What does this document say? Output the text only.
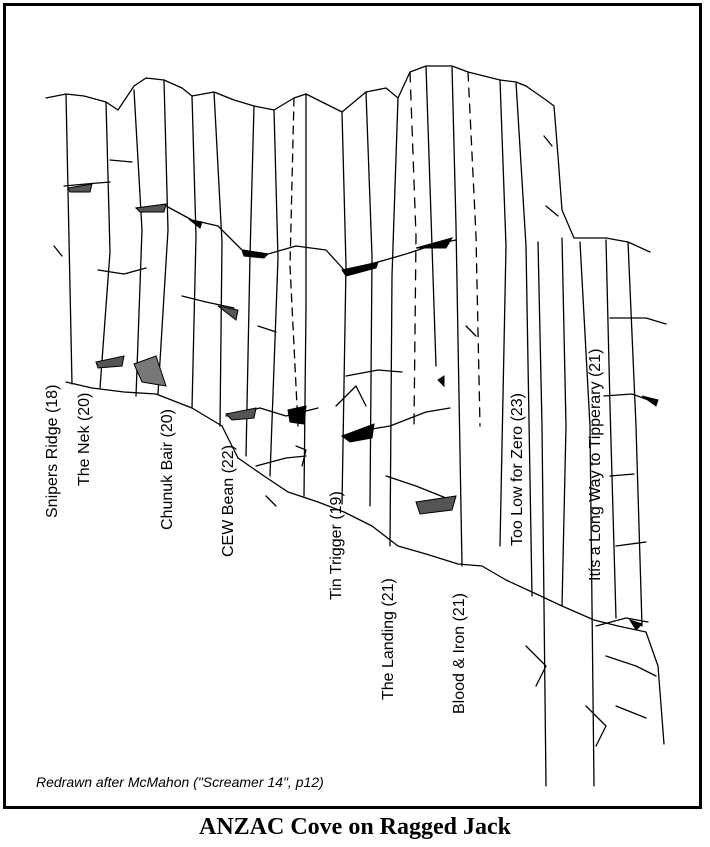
Snipers Ridge (18) The Nek (20)	Chunuk Bair (20)	CEW Bean (22)	Tin Trigger (19)
The Landing (21)	Blood & Iron (21)
Too Low for Zero (23)	Itís a Long Way to Tipperary (21)
Redrawn after McMahon ("Screamer 14", p12)
ANZAC Cove on Ragged Jack
